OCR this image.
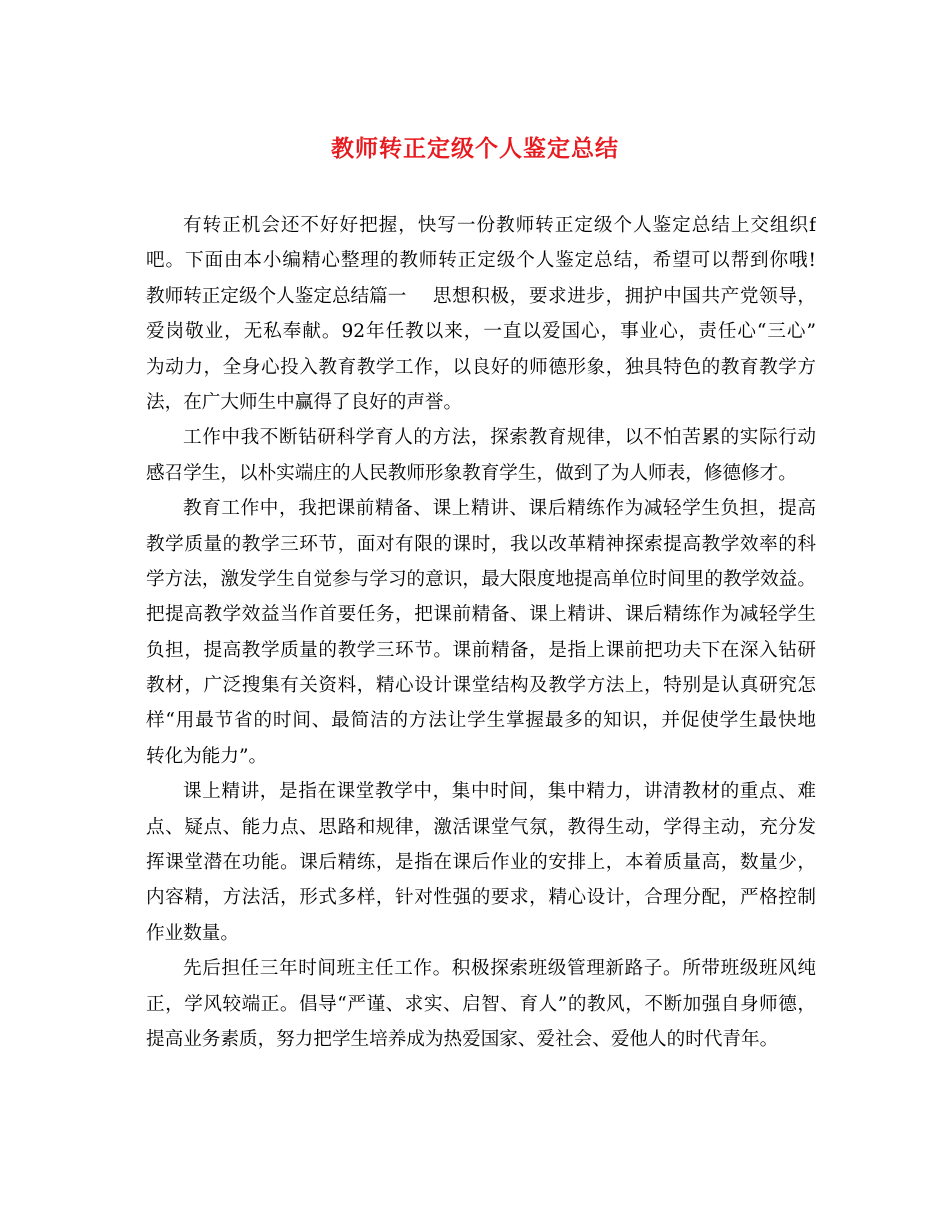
教师转正定级个人鉴定总结
有转正机会还不好好把握，快写一份教师转正定级个人鉴定总结上交组织f
吧。下面由本小编精心整理的教师转正定级个人鉴定总结，希望可以帮到你哦!
教师转正定级个人鉴定总结篇一 思想积极，要求进步，拥护中国共产党领导，
爱岗敬业，无私奉献。92年任教以来，一直以爱国心，事业心，责任心“三心”
为动力，全身心投入教育教学工作，以良好的师德形象，独具特色的教育教学方
法，在广大师生中赢得了良好的声誉。
工作中我不断钻研科学育人的方法，探索教育规律，以不怕苦累的实际行动
感召学生，以朴实端庄的人民教师形象教育学生，做到了为人师表，修德修才。
教育工作中，我把课前精备、课上精讲、课后精练作为减轻学生负担，提高
教学质量的教学三环节，面对有限的课时，我以改革精神探索提高教学效率的科
学方法，激发学生自觉参与学习的意识，最大限度地提高单位时间里的教学效益。
把提高教学效益当作首要任务，把课前精备、课上精讲、课后精练作为减轻学生
负担，提高教学质量的教学三环节。课前精备，是指上课前把功夫下在深入钻研
教材，广泛搜集有关资料，精心设计课堂结构及教学方法上，特别是认真研究怎
样“用最节省的时间、最简洁的方法让学生掌握最多的知识，并促使学生最快地
转化为能力”。
课上精讲，是指在课堂教学中，集中时间，集中精力，讲清教材的重点、难
点、疑点、能力点、思路和规律，激活课堂气氛，教得生动，学得主动，充分发
挥课堂潜在功能。课后精练，是指在课后作业的安排上，本着质量高，数量少，
内容精，方法活，形式多样，针对性强的要求，精心设计，合理分配，严格控制
作业数量。
先后担任三年时间班主任工作。积极探索班级管理新路子。所带班级班风纯
正，学风较端正。倡导“严谨、求实、启智、育人”的教风，不断加强自身师德，
提高业务素质，努力把学生培养成为热爱国家、爱社会、爱他人的时代青年。
